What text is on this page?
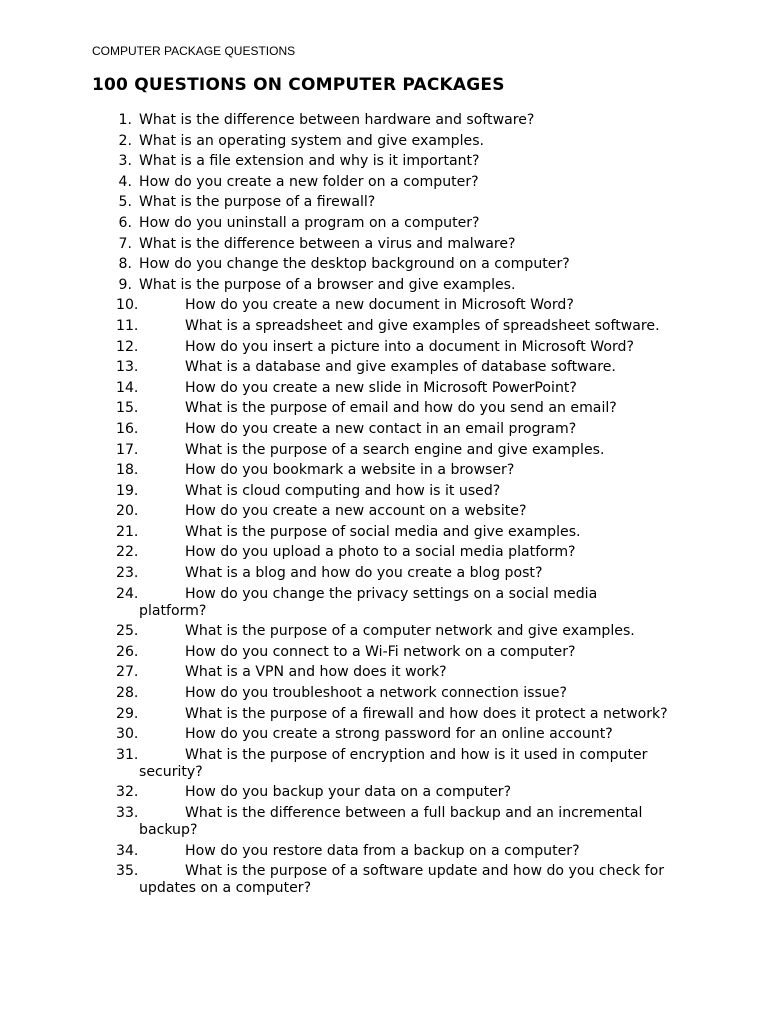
COMPUTER PACKAGE QUESTIONS
100 QUESTIONS ON COMPUTER PACKAGES
1. What is the difference between hardware and software?
2. What is an operating system and give examples.
3. What is a file extension and why is it important?
4. How do you create a new folder on a computer?
5. What is the purpose of a firewall?
6. How do you uninstall a program on a computer?
7. What is the difference between a virus and malware?
8. How do you change the desktop background on a computer?
9. What is the purpose of a browser and give examples.
10.	How do you create a new document in Microsoft Word?
11.	What is a spreadsheet and give examples of spreadsheet software.
12.	How do you insert a picture into a document in Microsoft Word?
13.	What is a database and give examples of database software.
14.	How do you create a new slide in Microsoft PowerPoint?
15.	What is the purpose of email and how do you send an email?
16.	How do you create a new contact in an email program?
17.	What is the purpose of a search engine and give examples.
18.	How do you bookmark a website in a browser?
19.	What is cloud computing and how is it used?
20.	How do you create a new account on a website?
21.	What is the purpose of social media and give examples.
22.	How do you upload a photo to a social media platform?
23.	What is a blog and how do you create a blog post?
24.	How do you change the privacy settings on a social media platform?
25.	What is the purpose of a computer network and give examples.
26.	How do you connect to a Wi-Fi network on a computer?
27.	What is a VPN and how does it work?
28.	How do you troubleshoot a network connection issue?
29.	What is the purpose of a firewall and how does it protect a network?
30.	How do you create a strong password for an online account?
31.	What is the purpose of encryption and how is it used in computer security?
32.	How do you backup your data on a computer?
33.	What is the difference between a full backup and an incremental backup?
34.	How do you restore data from a backup on a computer?
35.	What is the purpose of a software update and how do you check for updates on a computer?
